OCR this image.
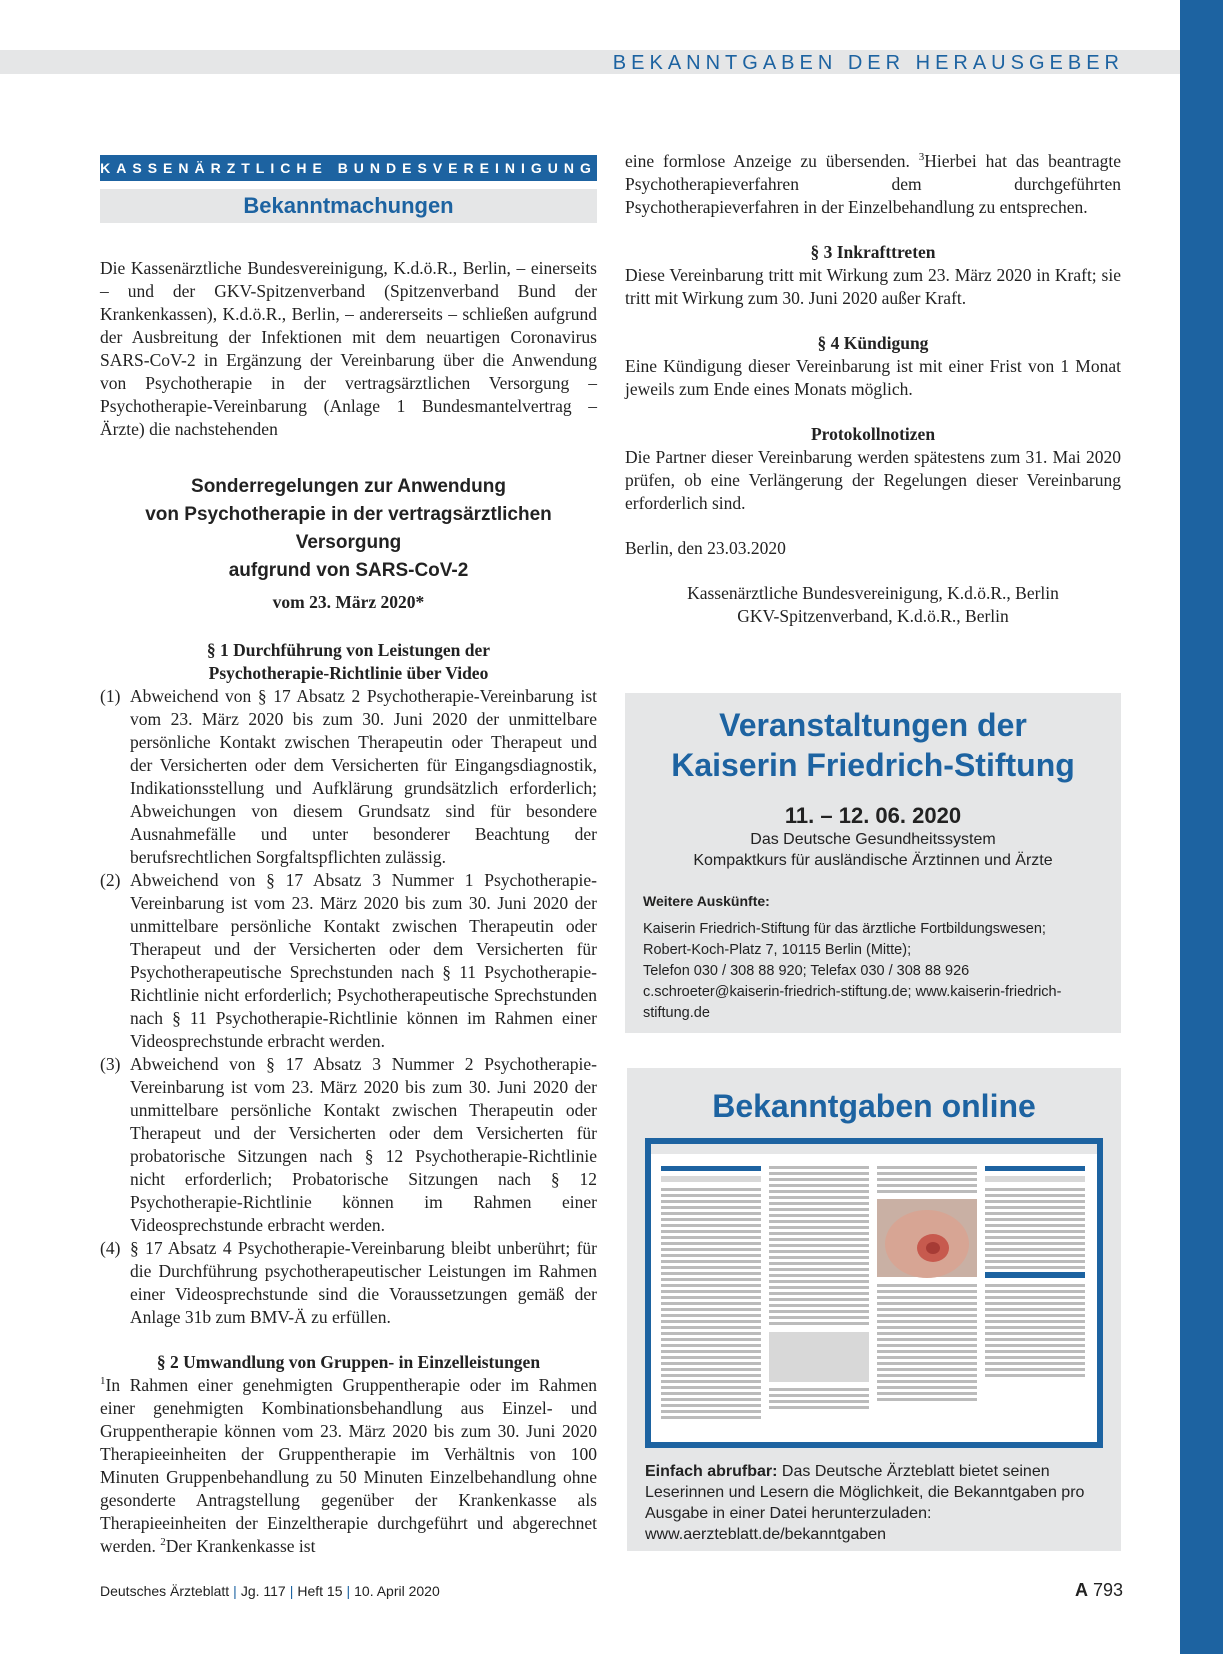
BEKANNTGABEN DER HERAUSGEBER
KASSENÄRZTLICHE BUNDESVEREINIGUNG
Bekanntmachungen

Die Kassenärztliche Bundesvereinigung, K.d.ö.R., Berlin, – einerseits – und der GKV-Spitzenverband (Spitzenverband Bund der Krankenkassen), K.d.ö.R., Berlin, – andererseits – schließen aufgrund der Ausbreitung der Infektionen mit dem neuartigen Coronavirus SARS-CoV-2 in Ergänzung der Vereinbarung über die Anwendung von Psychotherapie in der vertragsärztlichen Versorgung – Psychotherapie-Vereinbarung (Anlage 1 Bundesmantelvertrag – Ärzte) die nachstehenden

Sonderregelungen zur Anwendung
von Psychotherapie in der vertragsärztlichen Versorgung
aufgrund von SARS-CoV-2
vom 23. März 2020*
§ 1 Durchführung von Leistungen der
Psychotherapie-Richtlinie über Video
(1) Abweichend von § 17 Absatz 2 Psychotherapie-Vereinbarung ist vom 23. März 2020 bis zum 30. Juni 2020 der unmittelbare persönliche Kontakt zwischen Therapeutin oder Therapeut und der Versicherten oder dem Versicherten für Eingangsdiagnostik, Indikationsstellung und Aufklärung grundsätzlich erforderlich; Abweichungen von diesem Grundsatz sind für besondere Ausnahmefälle und unter besonderer Beachtung der berufsrechtlichen Sorgfaltspflichten zulässig.
(2) Abweichend von § 17 Absatz 3 Nummer 1 Psychotherapie-Vereinbarung ist vom 23. März 2020 bis zum 30. Juni 2020 der unmittelbare persönliche Kontakt zwischen Therapeutin oder Therapeut und der Versicherten oder dem Versicherten für Psychotherapeutische Sprechstunden nach § 11 Psychotherapie-Richtlinie nicht erforderlich; Psychotherapeutische Sprechstunden nach § 11 Psychotherapie-Richtlinie können im Rahmen einer Videosprechstunde erbracht werden.
(3) Abweichend von § 17 Absatz 3 Nummer 2 Psychotherapie-Vereinbarung ist vom 23. März 2020 bis zum 30. Juni 2020 der unmittelbare persönliche Kontakt zwischen Therapeutin oder Therapeut und der Versicherten oder dem Versicherten für probatorische Sitzungen nach § 12 Psychotherapie-Richtlinie nicht erforderlich; Probatorische Sitzungen nach § 12 Psychotherapie-Richtlinie können im Rahmen einer Videosprechstunde erbracht werden.
(4) § 17 Absatz 4 Psychotherapie-Vereinbarung bleibt unberührt; für die Durchführung psychotherapeutischer Leistungen im Rahmen einer Videosprechstunde sind die Voraussetzungen gemäß der Anlage 31b zum BMV-Ä zu erfüllen.
§ 2 Umwandlung von Gruppen- in Einzelleistungen

$^1$In Rahmen einer genehmigten Gruppentherapie oder im Rahmen einer genehmigten Kombinationsbehandlung aus Einzel- und Gruppentherapie können vom 23. März 2020 bis zum 30. Juni 2020 Therapieeinheiten der Gruppentherapie im Verhältnis von 100 Minuten Gruppenbehandlung zu 50 Minuten Einzelbehandlung ohne gesonderte Antragstellung gegenüber der Krankenkasse als Therapieeinheiten der Einzeltherapie durchgeführt und abgerechnet werden. $^2$Der Krankenkasse ist

eine formlose Anzeige zu übersenden. $^3$Hierbei hat das beantragte Psychotherapieverfahren dem durchgeführten Psychotherapieverfahren in der Einzelbehandlung zu entsprechen.

§ 3 Inkrafttreten

Diese Vereinbarung tritt mit Wirkung zum 23. März 2020 in Kraft; sie tritt mit Wirkung zum 30. Juni 2020 außer Kraft.

§ 4 Kündigung

Eine Kündigung dieser Vereinbarung ist mit einer Frist von 1 Monat jeweils zum Ende eines Monats möglich.

Protokollnotizen

Die Partner dieser Vereinbarung werden spätestens zum 31. Mai 2020 prüfen, ob eine Verlängerung der Regelungen dieser Vereinbarung erforderlich sind.

Berlin, den 23.03.2020

Kassenärztliche Bundesvereinigung, K.d.ö.R., Berlin
GKV-Spitzenverband, K.d.ö.R., Berlin
Veranstaltungen der
Kaiserin Friedrich-Stiftung
11. – 12. 06. 2020
Das Deutsche Gesundheitssystem
Kompaktkurs für ausländische Ärztinnen und Ärzte
Weitere Auskünfte:
Kaiserin Friedrich-Stiftung für das ärztliche Fortbildungswesen;
Robert-Koch-Platz 7, 10115 Berlin (Mitte);
Telefon 030 / 308 88 920; Telefax 030 / 308 88 926
c.schroeter@kaiserin-friedrich-stiftung.de; www.kaiserin-friedrich-stiftung.de
Bekanntgaben online
Einfach abrufbar: Das Deutsche Ärzteblatt bietet seinen Leserinnen und Lesern die Möglichkeit, die Bekanntgaben pro Ausgabe in einer Datei herunterzuladen: www.aerzteblatt.de/bekanntgaben
Deutsches Ärzteblatt | Jg. 117 | Heft 15 | 10. April 2020	A 793
